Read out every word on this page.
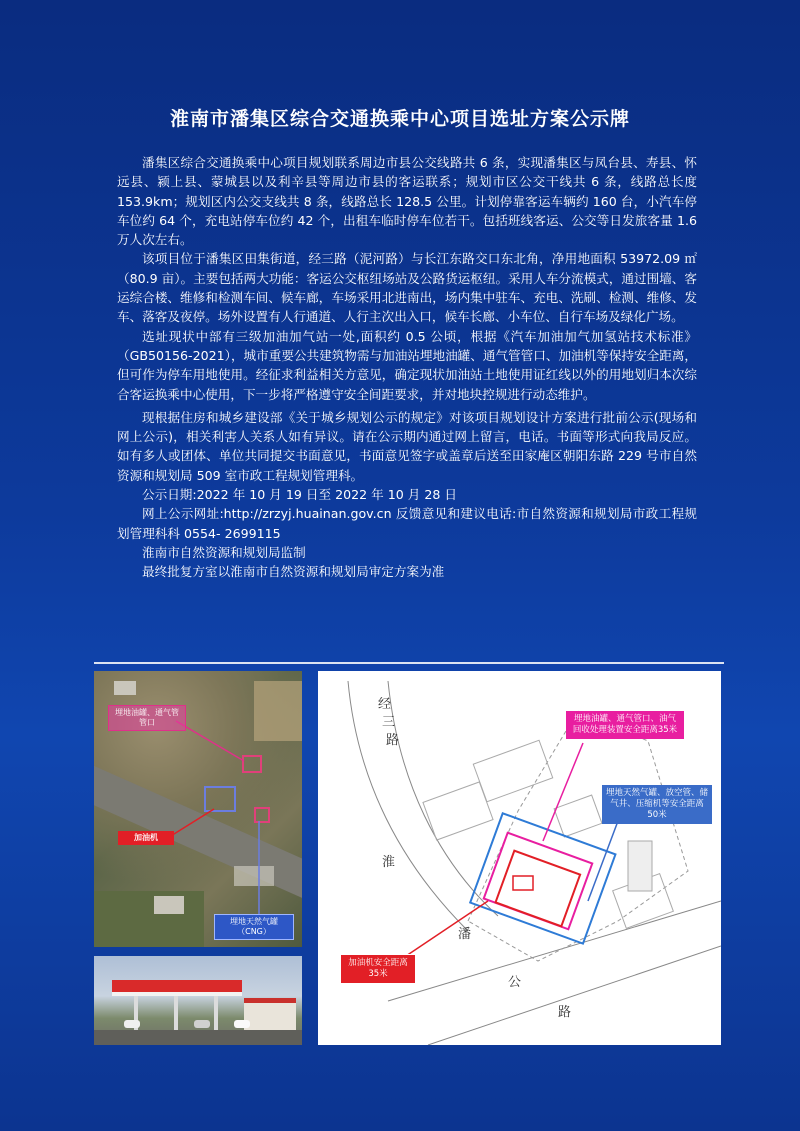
淮南市潘集区综合交通换乘中心项目选址方案公示牌

潘集区综合交通换乘中心项目规划联系周边市县公交线路共 6 条，实现潘集区与凤台县、寿县、怀远县、颍上县、蒙城县以及利辛县等周边市县的客运联系；规划市区公交干线共 6 条，线路总长度 153.9km；规划区内公交支线共 8 条，线路总长 128.5 公里。计划停靠客运车辆约 160 台，小汽车停车位约 64 个，充电站停车位约 42 个，出租车临时停车位若干。包括班线客运、公交等日发旅客量 1.6 万人次左右。

该项目位于潘集区田集街道，经三路（泥河路）与长江东路交口东北角，净用地面积 53972.09 ㎡（80.9 亩）。主要包括两大功能：客运公交枢纽场站及公路货运枢纽。采用人车分流模式，通过围墙、客运综合楼、维修和检测车间、候车廊，车场采用北进南出，场内集中驻车、充电、洗刷、检测、维修、发车、落客及夜停。场外设置有人行通道、人行主次出入口，候车长廊、小车位、自行车场及绿化广场。

选址现状中部有三级加油加气站一处,面积约 0.5 公顷，根据《汽车加油加气加氢站技术标准》（GB50156-2021），城市重要公共建筑物需与加油站埋地油罐、通气管管口、加油机等保持安全距离，但可作为停车用地使用。经征求利益相关方意见，确定现状加油站土地使用证红线以外的用地划归本次综合客运换乘中心使用，下一步将严格遵守安全间距要求，并对地块控规进行动态维护。

现根据住房和城乡建设部《关于城乡规划公示的规定》对该项目规划设计方案进行批前公示(现场和网上公示)，相关利害人关系人如有异议。请在公示期内通过网上留言，电话。书面等形式向我局反应。如有多人或团体、单位共同提交书面意见，书面意见签字或盖章后送至田家庵区朝阳东路 229 号市自然资源和规划局 509 室市政工程规划管理科。

公示日期:2022 年 10 月 19 日至 2022 年 10 月 28 日

网上公示网址:http://zrzyj.huainan.gov.cn 反馈意见和建议电话:市自然资源和规划局市政工程规划管理科科 0554- 2699115

淮南市自然资源和规划局监制

最终批复方室以淮南市自然资源和规划局审定方案为准

埋地油罐、通气管管口
加油机
埋地天然气罐（CNG）
经
三
路
淮
潘
公
路
埋地油罐、通气管口、油气回收处理装置安全距离35米
埋地天然气罐、放空管、储气井、压缩机等安全距离50米
加油机安全距离35米
